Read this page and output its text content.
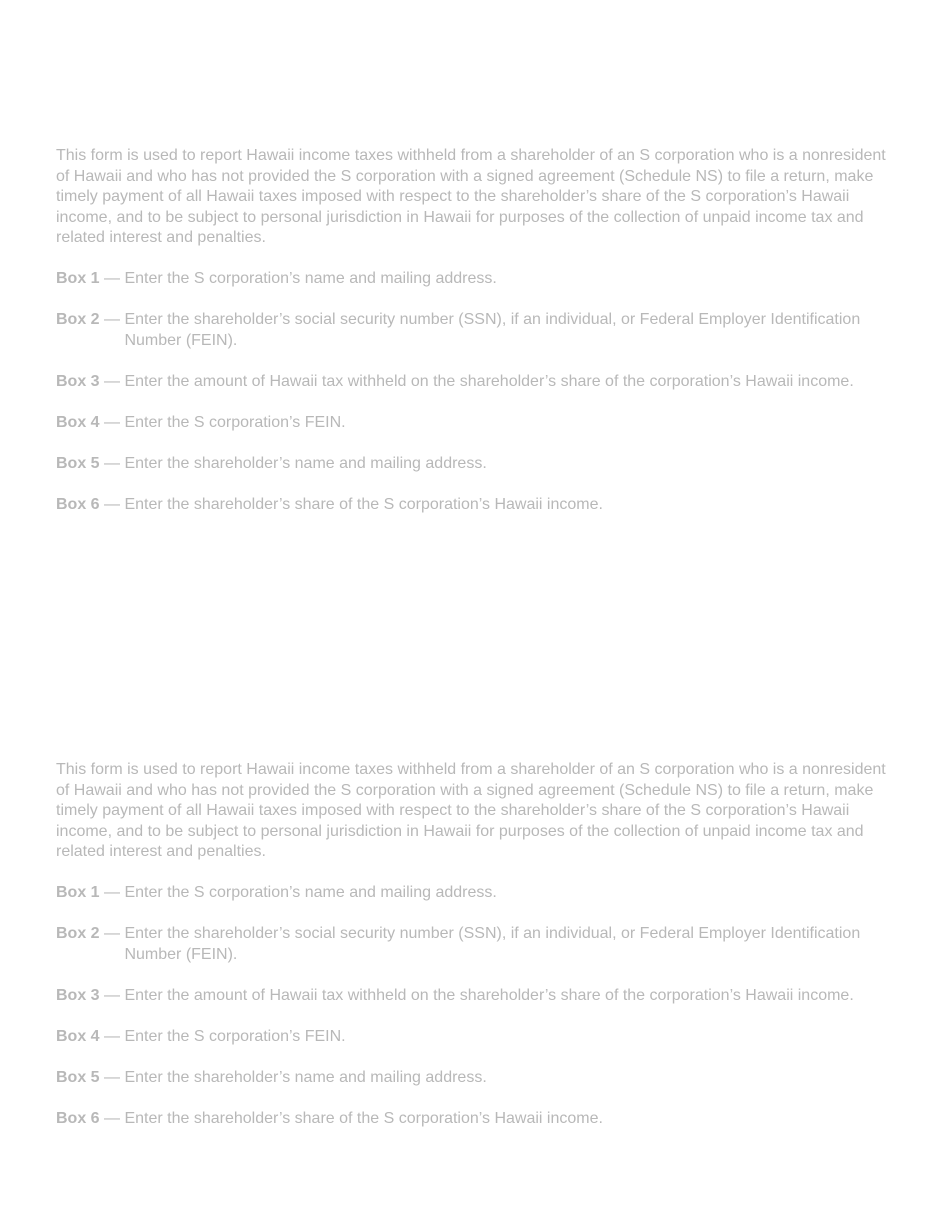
This form is used to report Hawaii income taxes withheld from a shareholder of an S corporation who is a nonresident of Hawaii and who has not provided the S corporation with a signed agreement (Schedule NS) to file a return, make timely payment of all Hawaii taxes imposed with respect to the shareholder’s share of the S corporation’s Hawaii income, and to be subject to personal jurisdiction in Hawaii for purposes of the collection of unpaid income tax and related interest and penalties.

Box 1 — Enter the S corporation’s name and mailing address.
Box 2 — Enter the shareholder’s social security number (SSN), if an individual, or Federal Employer Identification Number (FEIN).
Box 3 — Enter the amount of Hawaii tax withheld on the shareholder’s share of the corporation’s Hawaii income.
Box 4 — Enter the S corporation’s FEIN.
Box 5 — Enter the shareholder’s name and mailing address.
Box 6 — Enter the shareholder’s share of the S corporation’s Hawaii income.

This form is used to report Hawaii income taxes withheld from a shareholder of an S corporation who is a nonresident of Hawaii and who has not provided the S corporation with a signed agreement (Schedule NS) to file a return, make timely payment of all Hawaii taxes imposed with respect to the shareholder’s share of the S corporation’s Hawaii income, and to be subject to personal jurisdiction in Hawaii for purposes of the collection of unpaid income tax and related interest and penalties.

Box 1 — Enter the S corporation’s name and mailing address.
Box 2 — Enter the shareholder’s social security number (SSN), if an individual, or Federal Employer Identification Number (FEIN).
Box 3 — Enter the amount of Hawaii tax withheld on the shareholder’s share of the corporation’s Hawaii income.
Box 4 — Enter the S corporation’s FEIN.
Box 5 — Enter the shareholder’s name and mailing address.
Box 6 — Enter the shareholder’s share of the S corporation’s Hawaii income.
